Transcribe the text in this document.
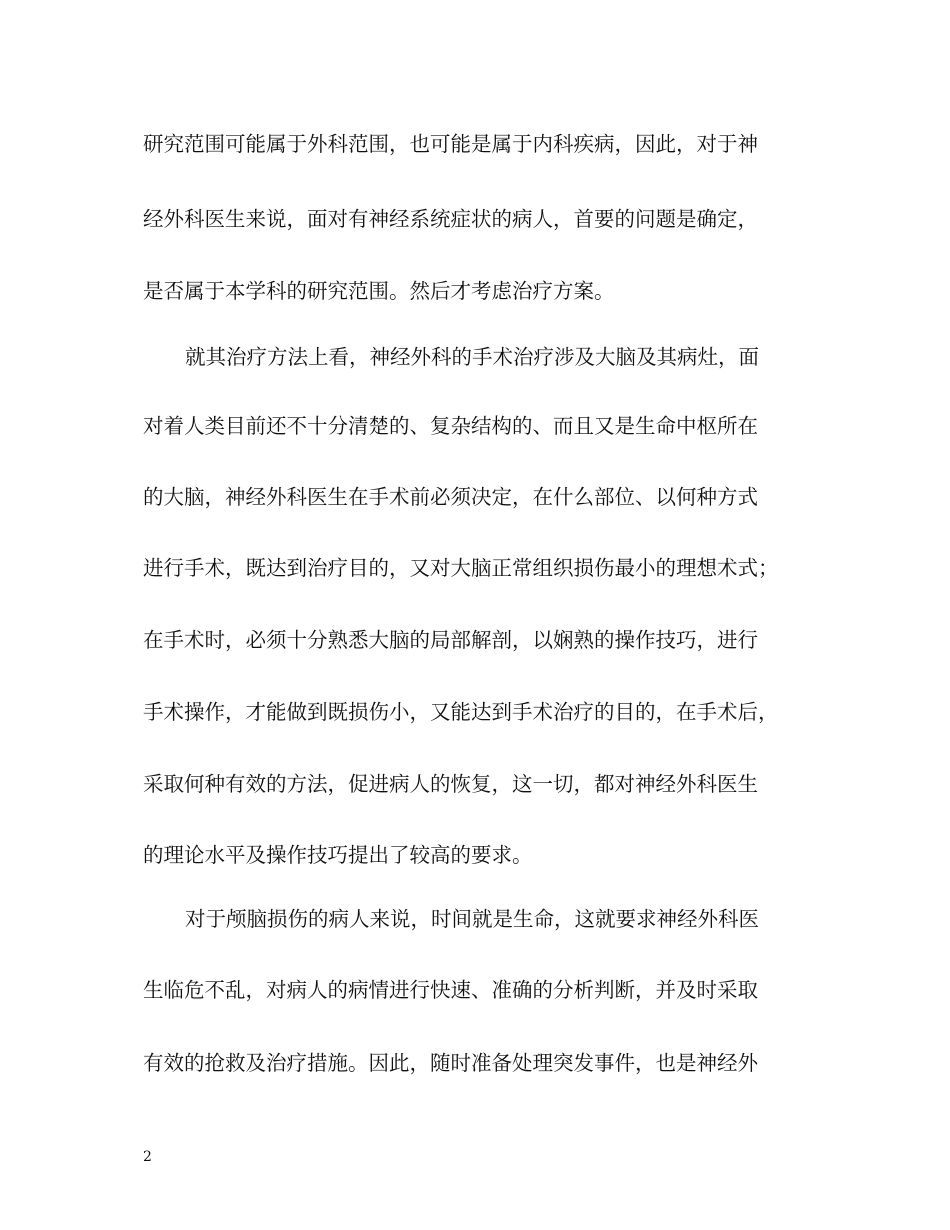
研究范围可能属于外科范围，也可能是属于内科疾病，因此，对于神
经外科医生来说，面对有神经系统症状的病人，首要的问题是确定，
是否属于本学科的研究范围。然后才考虑治疗方案。
就其治疗方法上看，神经外科的手术治疗涉及大脑及其病灶，面
对着人类目前还不十分清楚的、复杂结构的、而且又是生命中枢所在
的大脑，神经外科医生在手术前必须决定，在什么部位、以何种方式
进行手术，既达到治疗目的，又对大脑正常组织损伤最小的理想术式；
在手术时，必须十分熟悉大脑的局部解剖，以娴熟的操作技巧，进行
手术操作，才能做到既损伤小，又能达到手术治疗的目的，在手术后，
采取何种有效的方法，促进病人的恢复，这一切，都对神经外科医生
的理论水平及操作技巧提出了较高的要求。
对于颅脑损伤的病人来说，时间就是生命，这就要求神经外科医
生临危不乱，对病人的病情进行快速、准确的分析判断，并及时采取
有效的抢救及治疗措施。因此，随时准备处理突发事件，也是神经外
2
